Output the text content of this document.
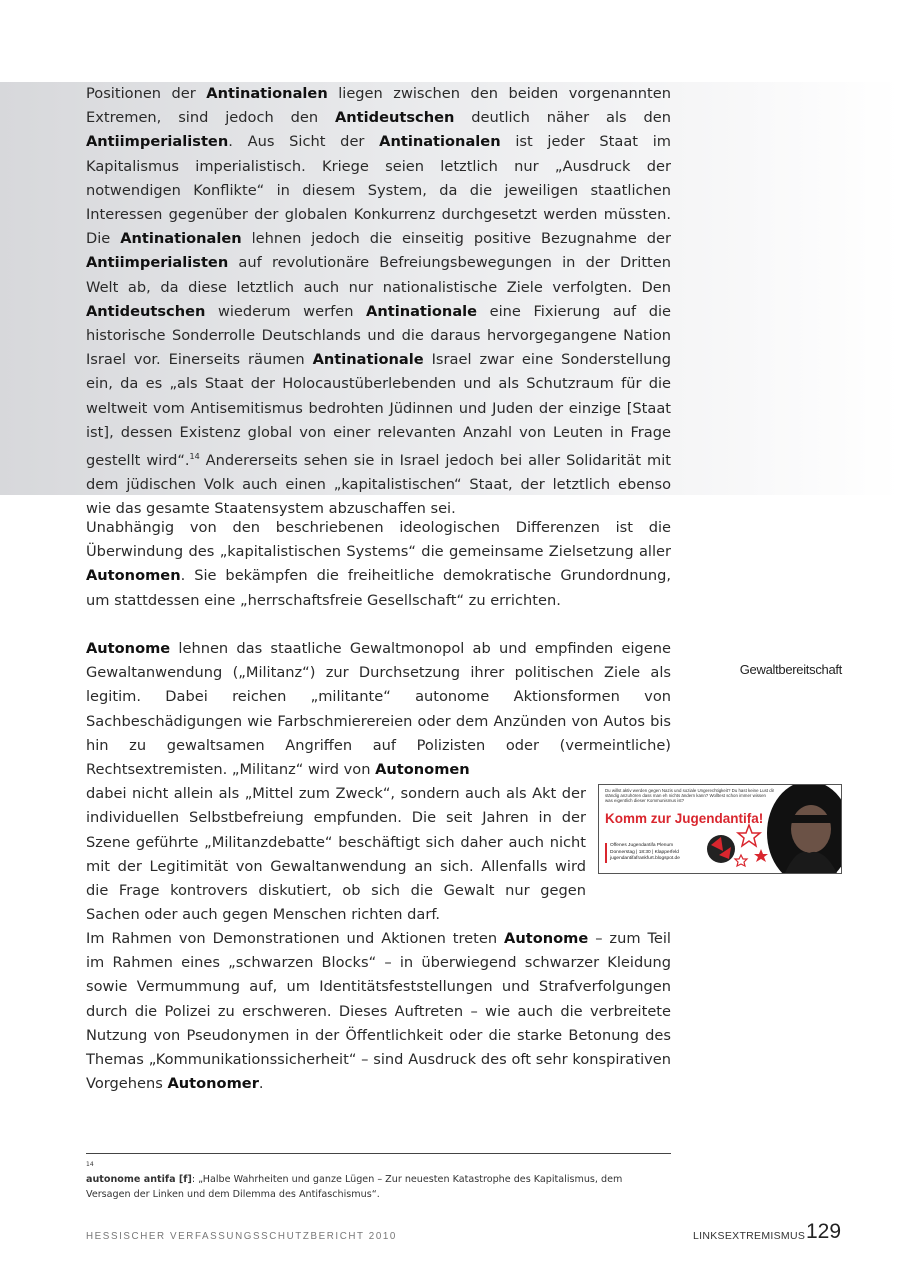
Positionen der Antinationalen liegen zwischen den beiden vorgenannten Extremen, sind jedoch den Antideutschen deutlich näher als den Antiimperialisten. Aus Sicht der Antinationalen ist jeder Staat im Kapitalismus imperialistisch. Kriege seien letztlich nur „Ausdruck der notwendigen Konflikte“ in diesem System, da die jeweiligen staatlichen Interessen gegenüber der globalen Konkurrenz durchgesetzt werden müssten. Die Antinationalen lehnen jedoch die einseitig positive Bezugnahme der Antiimperialisten auf revolutionäre Befreiungsbewegungen in der Dritten Welt ab, da diese letztlich auch nur nationalistische Ziele verfolgten. Den Antideutschen wiederum werfen Antinationale eine Fixierung auf die historische Sonderrolle Deutschlands und die daraus hervorgegangene Nation Israel vor. Einerseits räumen Antinationale Israel zwar eine Sonderstellung ein, da es „als Staat der Holocaustüberlebenden und als Schutzraum für die weltweit vom Antisemitismus bedrohten Jüdinnen und Juden der einzige [Staat ist], dessen Existenz global von einer relevanten Anzahl von Leuten in Frage gestellt wird“.$^{14}$ Andererseits sehen sie in Israel jedoch bei aller Solidarität mit dem jüdischen Volk auch einen „kapitalistischen“ Staat, der letztlich ebenso wie das gesamte Staatensystem abzuschaffen sei.
Unabhängig von den beschriebenen ideologischen Differenzen ist die Überwindung des „kapitalistischen Systems“ die gemeinsame Zielsetzung aller Autonomen. Sie bekämpfen die freiheitliche demokratische Grundordnung, um stattdessen eine „herrschaftsfreie Gesellschaft“ zu errichten.
Autonome lehnen das staatliche Gewaltmonopol ab und empfinden eigene Gewaltanwendung („Militanz“) zur Durchsetzung ihrer politischen Ziele als legitim. Dabei reichen „militante“ autonome Aktionsformen von Sachbeschädigungen wie Farbschmierereien oder dem Anzünden von Autos bis hin zu gewaltsamen Angriffen auf Polizisten oder (vermeintliche) Rechtsextremisten. „Militanz“ wird von Autonomen
dabei nicht allein als „Mittel zum Zweck“, sondern auch als Akt der individuellen Selbstbefreiung empfunden. Die seit Jahren in der Szene geführte „Militanzdebatte“ beschäftigt sich daher auch nicht mit der Legitimität von Gewaltanwendung an sich. Allenfalls wird die Frage kontrovers diskutiert, ob sich die Gewalt nur gegen Sachen oder auch gegen Menschen richten darf.
Im Rahmen von Demonstrationen und Aktionen treten Autonome – zum Teil im Rahmen eines „schwarzen Blocks“ – in überwiegend schwarzer Kleidung sowie Vermummung auf, um Identitätsfeststellungen und Strafverfolgungen durch die Polizei zu erschweren. Dieses Auftreten – wie auch die verbreitete Nutzung von Pseudonymen in der Öffentlichkeit oder die starke Betonung des Themas „Kommunikationssicherheit“ – sind Ausdruck des oft sehr konspirativen Vorgehens Autonomer.
Gewaltbereitschaft
Du willst aktiv werden gegen Nazis und soziale Ungerechtigkeit? Du hast keine Lust dir ständig anzuhören dass man eh nichts ändern kann? Wolltest schon immer wissen was eigentlich dieser Kommunismus ist?
Komm zur Jugendantifa!
Offenes Jugendantifa Plenum
Donnerstag | 18:30 | Klapperfeld
jugendantifafrankfurt.blogspot.de
$^{14}$autonome antifa [f]: „Halbe Wahrheiten und ganze Lügen – Zur neuesten Katastrophe des Kapitalismus, dem Versagen der Linken und dem Dilemma des Antifaschismus“.
HESSISCHER VERFASSUNGSSCHUTZBERICHT 2010	LINKSEXTREMISMUS 129
